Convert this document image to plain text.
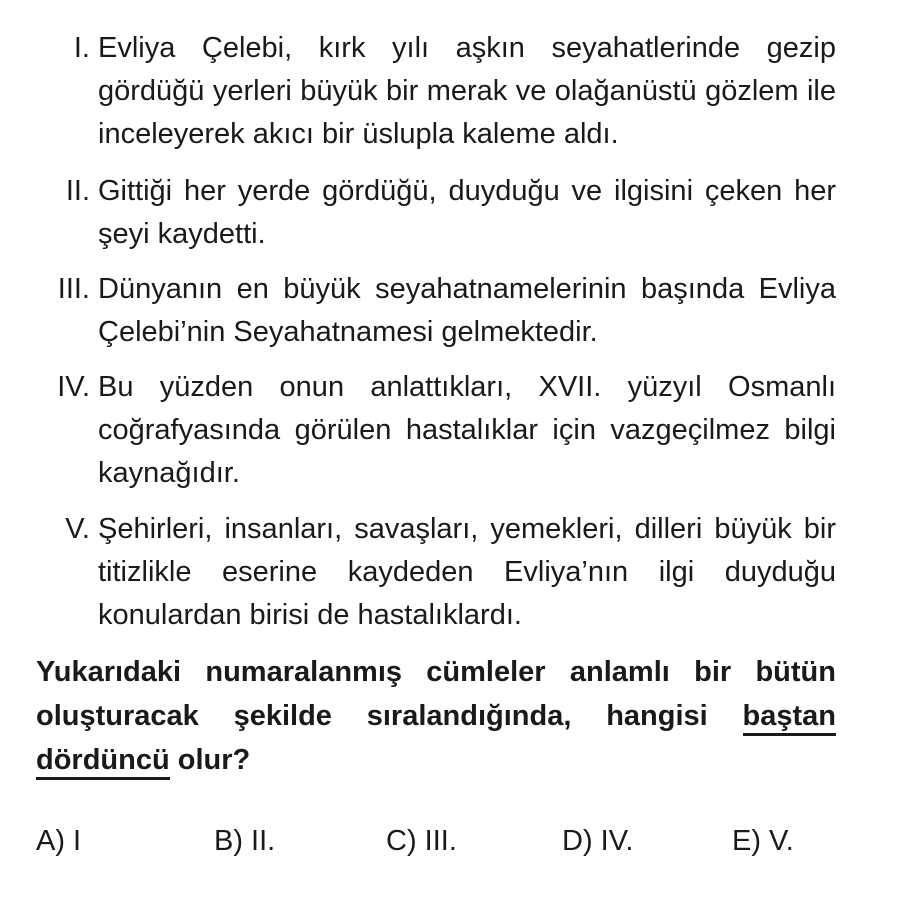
I. Evliya Çelebi, kırk yılı aşkın seyahatlerinde gezip gördüğü yerleri büyük bir merak ve olağanüstü gözlem ile inceleyerek akıcı bir üslupla kaleme aldı.
II. Gittiği her yerde gördüğü, duyduğu ve ilgisini çeken her şeyi kaydetti.
III. Dünyanın en büyük seyahatnamelerinin başında Evliya Çelebi’nin Seyahatnamesi gelmektedir.
IV. Bu yüzden onun anlattıkları, XVII. yüzyıl Osmanlı coğrafyasında görülen hastalıklar için vazgeçilmez bilgi kaynağıdır.
V. Şehirleri, insanları, savaşları, yemekleri, dilleri büyük bir titizlikle eserine kaydeden Evliya’nın ilgi duyduğu konulardan birisi de hastalıklardı.
Yukarıdaki numaralanmış cümleler anlamlı bir bütün oluşturacak şekilde sıralandığında, hangisi baştan dördüncü olur?
A) I	B) II.	C) III.	D) IV.	E) V.
